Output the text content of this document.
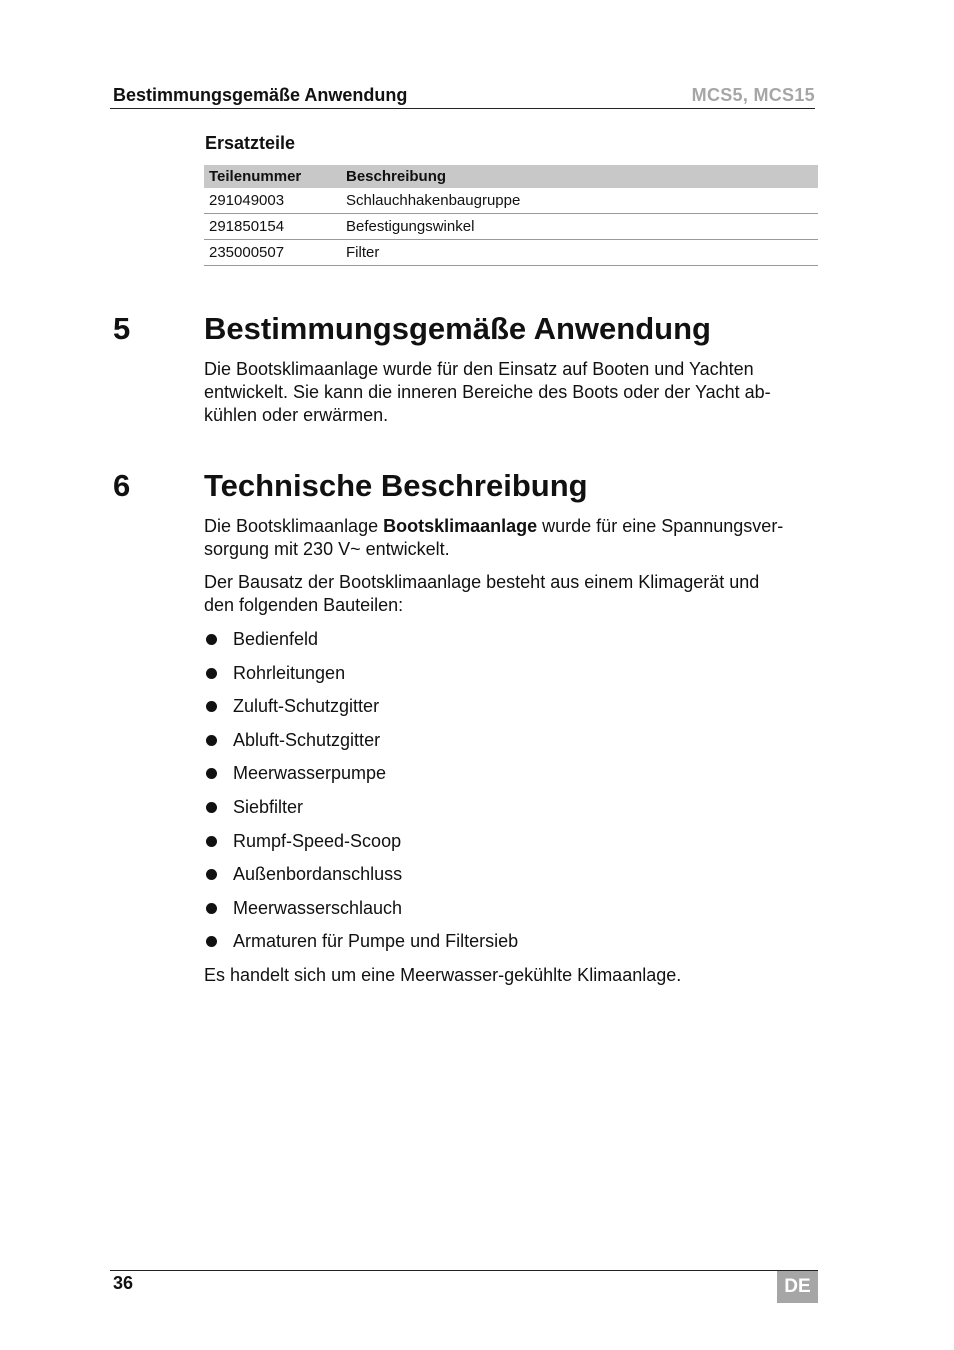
Bestimmungsgemäße Anwendung	MCS5, MCS15
Ersatzteile
Teilenummer	Beschreibung
291049003	Schlauchhakenbaugruppe
291850154	Befestigungswinkel
235000507	Filter
5 Bestimmungsgemäße Anwendung

Die Bootsklimaanlage wurde für den Einsatz auf Booten und Yachten
entwickelt. Sie kann die inneren Bereiche des Boots oder der Yacht ab-
kühlen oder erwärmen.

6 Technische Beschreibung

Die Bootsklimaanlage Bootsklimaanlage wurde für eine Spannungsver-
sorgung mit 230 V~ entwickelt.

Der Bausatz der Bootsklimaanlage besteht aus einem Klimagerät und
den folgenden Bauteilen:

Bedienfeld
Rohrleitungen
Zuluft-Schutzgitter
Abluft-Schutzgitter
Meerwasserpumpe
Siebfilter
Rumpf-Speed-Scoop
Außenbordanschluss
Meerwasserschlauch
Armaturen für Pumpe und Filtersieb

Es handelt sich um eine Meerwasser-gekühlte Klimaanlage.

36	DE
